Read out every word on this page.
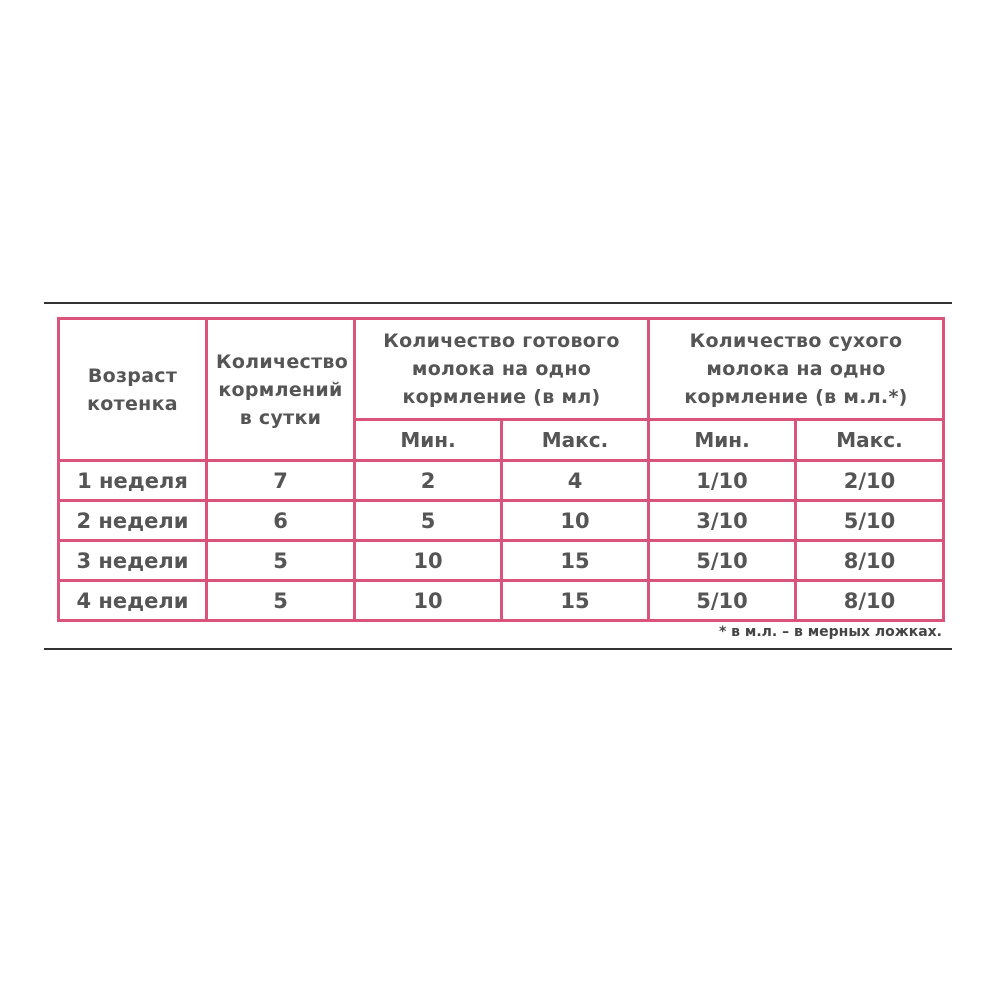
Возраст котенка	Количество кормлений в сутки	Количество готового молока на одно кормление (в мл)		Количество сухого молока на одно кормление (в м.л.*)	
		Мин.	Макс.	Мин.	Макс.
1 неделя	7	2	4	1/10	2/10
2 недели	6	5	10	3/10	5/10
3 недели	5	10	15	5/10	8/10
4 недели	5	10	15	5/10	8/10
* в м.л. – в мерных ложках.
